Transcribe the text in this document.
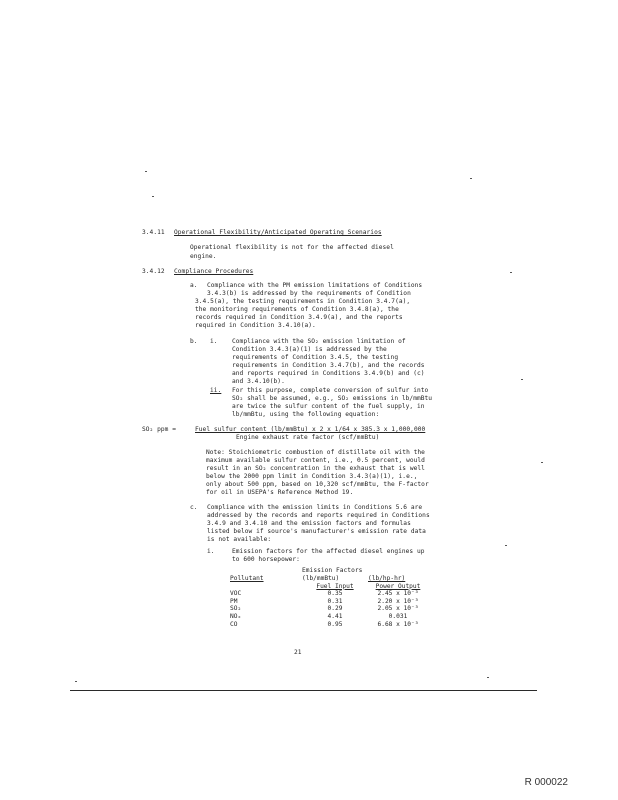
3.4.11 Operational Flexibility/Anticipated Operating Scenarios
Operational flexibility is not for the affected diesel
engine.
3.4.12 Compliance Procedures
a. Compliance with the PM emission limitations of Conditions
3.4.3(b) is addressed by the requirements of Condition
3.4.5(a), the testing requirements in Condition 3.4.7(a),
the monitoring requirements of Condition 3.4.8(a), the
records required in Condition 3.4.9(a), and the reports
required in Condition 3.4.10(a).
b. i. Compliance with the SO₂ emission limitation of
Condition 3.4.3(a)(1) is addressed by the
requirements of Condition 3.4.5, the testing
requirements in Condition 3.4.7(b), and the records
and reports required in Conditions 3.4.9(b) and (c)
and 3.4.10(b).
ii. For this purpose, complete conversion of sulfur into
SO₂ shall be assumed, e.g., SO₂ emissions in lb/mmBtu
are twice the sulfur content of the fuel supply, in
lb/mmBtu, using the following equation:
SO₂ ppm =	Fuel sulfur content (lb/mmBtu) x 2 x 1/64 x 385.3 x 1,000,000
Engine exhaust rate factor (scf/mmBtu)
Note: Stoichiometric combustion of distillate oil with the
maximum available sulfur content, i.e., 0.5 percent, would
result in an SO₂ concentration in the exhaust that is well
below the 2000 ppm limit in Condition 3.4.3(a)(1), i.e.,
only about 500 ppm, based on 10,320 scf/mmBtu, the F-factor
for oil in USEPA's Reference Method 19.
c. Compliance with the emission limits in Conditions 5.6 are
addressed by the records and reports required in Conditions
3.4.9 and 3.4.10 and the emission factors and formulas
listed below if source's manufacturer's emission rate data
is not available:
i.	Emission factors for the affected diesel engines up
to 600 horsepower:
Emission Factors
Pollutant	(lb/mmBtu)	(lb/hp-hr)
	Fuel Input	Power Output
VOC	0.35	2.45 x 10⁻³
PM	0.31	2.20 x 10⁻³
SO₂	0.29	2.05 x 10⁻³
NOₓ	4.41	0.031
CO	0.95	6.68 x 10⁻³
21
R 000022
